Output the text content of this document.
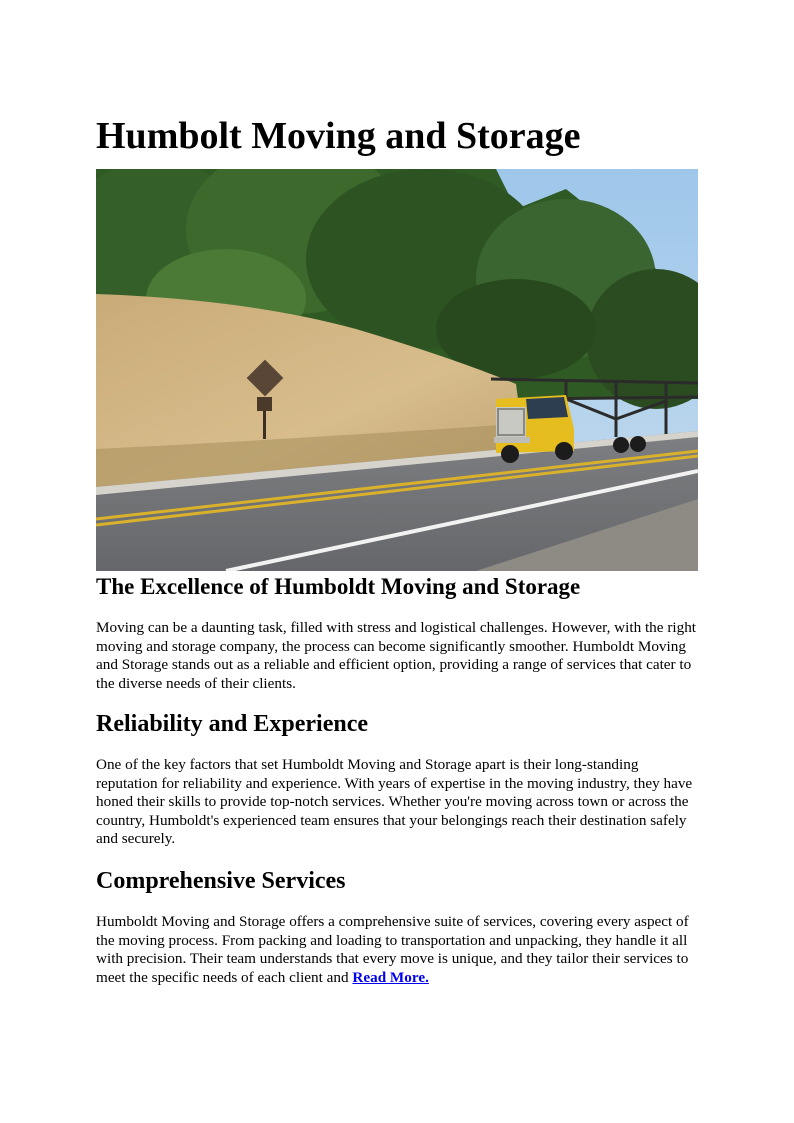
Humbolt Moving and Storage
The Excellence of Humboldt Moving and Storage

Moving can be a daunting task, filled with stress and logistical challenges. However, with the right moving and storage company, the process can become significantly smoother. Humboldt Moving and Storage stands out as a reliable and efficient option, providing a range of services that cater to the diverse needs of their clients.

Reliability and Experience

One of the key factors that set Humboldt Moving and Storage apart is their long-standing reputation for reliability and experience. With years of expertise in the moving industry, they have honed their skills to provide top-notch services. Whether you're moving across town or across the country, Humboldt's experienced team ensures that your belongings reach their destination safely and securely.

Comprehensive Services

Humboldt Moving and Storage offers a comprehensive suite of services, covering every aspect of the moving process. From packing and loading to transportation and unpacking, they handle it all with precision. Their team understands that every move is unique, and they tailor their services to meet the specific needs of each client and Read More.
